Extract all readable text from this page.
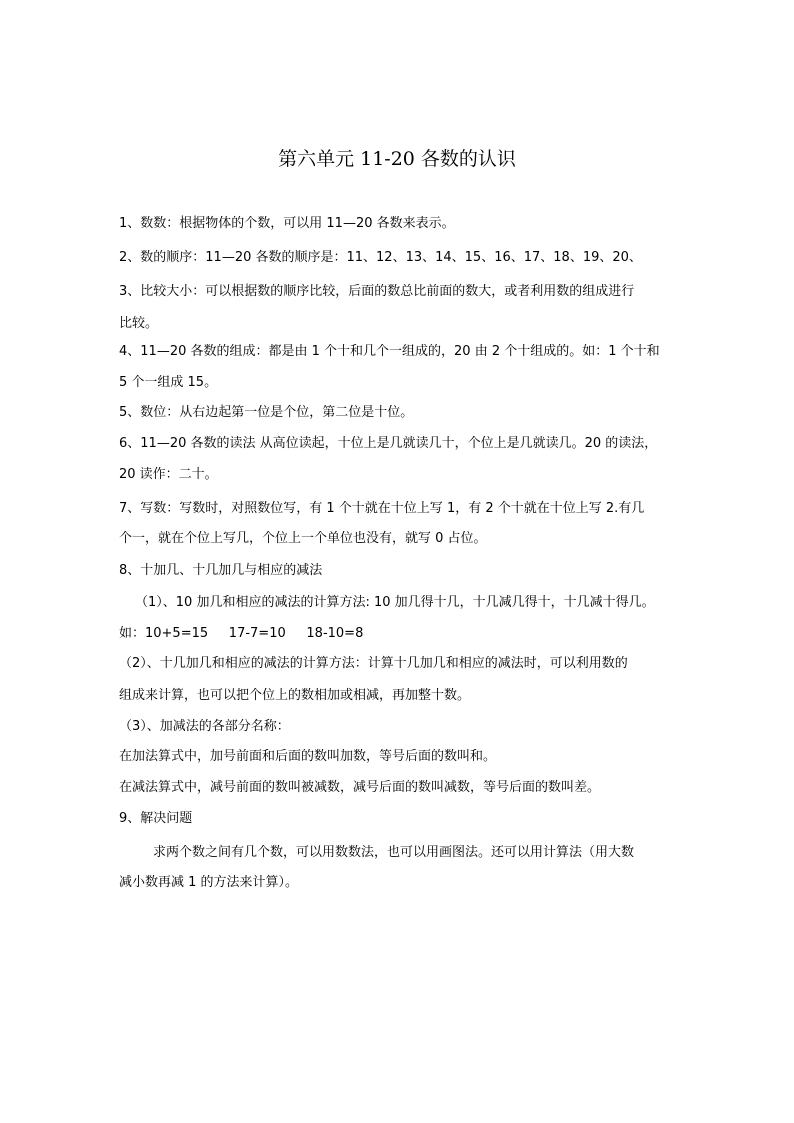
第六单元 11-20 各数的认识
1、数数：根据物体的个数，可以用 11—20 各数来表示。
2、数的顺序：11—20 各数的顺序是：11、12、13、14、15、16、17、18、19、20、
3、比较大小：可以根据数的顺序比较，后面的数总比前面的数大，或者利用数的组成进行
比较。
4、11—20 各数的组成：都是由 1 个十和几个一组成的，20 由 2 个十组成的。如：1 个十和
5 个一组成 15。
5、数位：从右边起第一位是个位，第二位是十位。
6、11—20 各数的读法 从高位读起，十位上是几就读几十，个位上是几就读几。20 的读法，
20 读作：二十。
7、写数：写数时，对照数位写，有 1 个十就在十位上写 1，有 2 个十就在十位上写 2.有几
个一，就在个位上写几，个位上一个单位也没有，就写 0 占位。
8、十加几、十几加几与相应的减法
（1）、10 加几和相应的减法的计算方法: 10 加几得十几，十几减几得十，十几减十得几。
如：10+5=15     17-7=10     18-10=8
（2）、十几加几和相应的减法的计算方法：计算十几加几和相应的减法时，可以利用数的
组成来计算，也可以把个位上的数相加或相减，再加整十数。
（3）、加减法的各部分名称：
在加法算式中，加号前面和后面的数叫加数，等号后面的数叫和。
在减法算式中，减号前面的数叫被减数，减号后面的数叫减数，等号后面的数叫差。
9、解决问题
求两个数之间有几个数，可以用数数法，也可以用画图法。还可以用计算法（用大数
减小数再减 1 的方法来计算）。
